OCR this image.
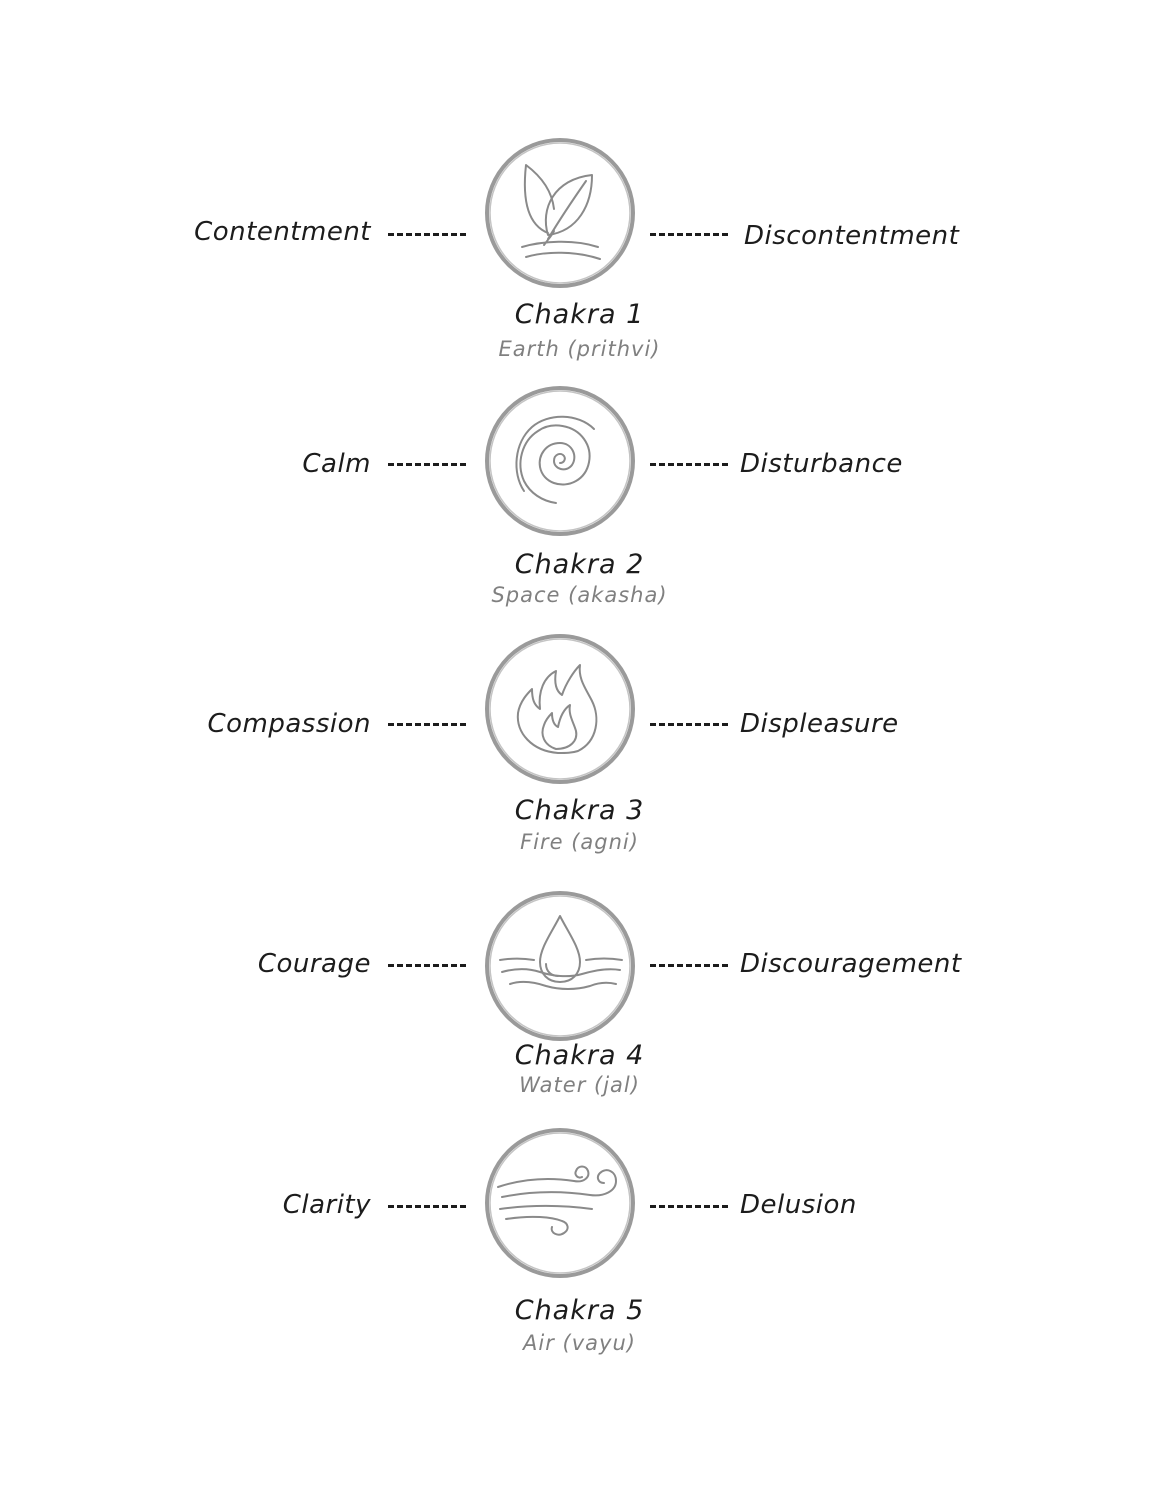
Contentment	Discontentment
Chakra 1
Earth (prithvi)
Calm	Disturbance
Chakra 2
Space (akasha)
Compassion	Displeasure
Chakra 3
Fire (agni)
Courage	Discouragement
Chakra 4
Water (jal)
Clarity	Delusion
Chakra 5
Air (vayu)
